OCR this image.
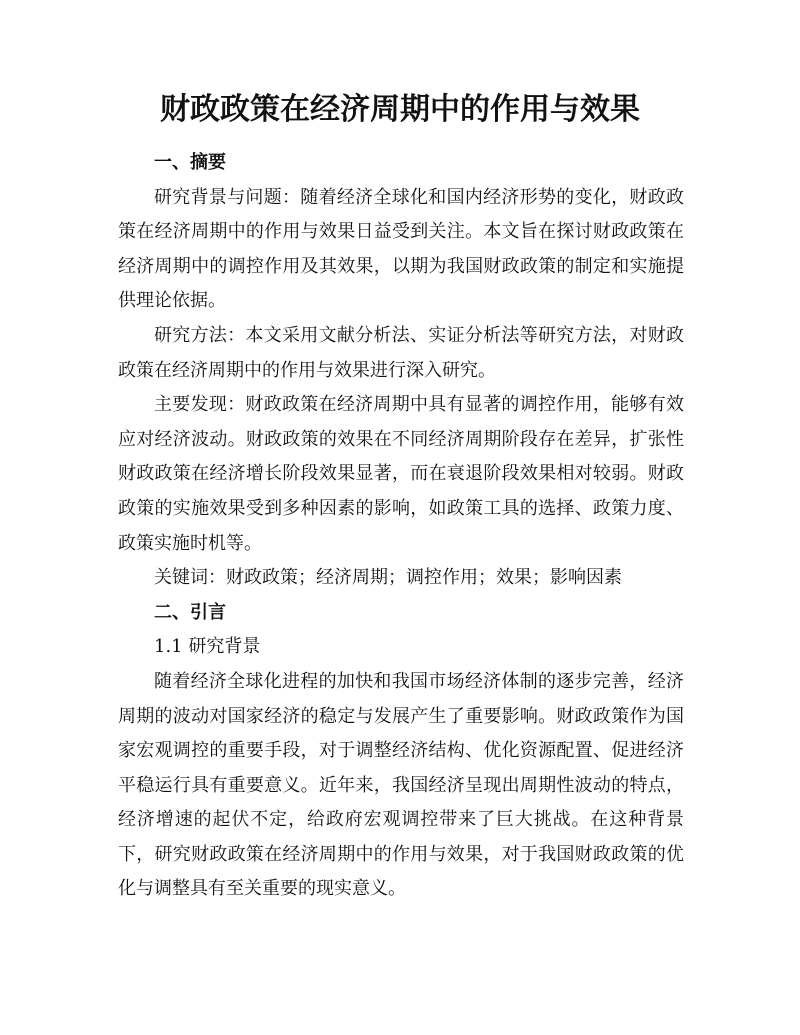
财政政策在经济周期中的作用与效果

一、摘要

研究背景与问题：随着经济全球化和国内经济形势的变化，财政政策在经济周期中的作用与效果日益受到关注。本文旨在探讨财政政策在经济周期中的调控作用及其效果，以期为我国财政政策的制定和实施提供理论依据。

研究方法：本文采用文献分析法、实证分析法等研究方法，对财政政策在经济周期中的作用与效果进行深入研究。

主要发现：财政政策在经济周期中具有显著的调控作用，能够有效应对经济波动。财政政策的效果在不同经济周期阶段存在差异，扩张性财政政策在经济增长阶段效果显著，而在衰退阶段效果相对较弱。财政政策的实施效果受到多种因素的影响，如政策工具的选择、政策力度、政策实施时机等。

关键词：财政政策；经济周期；调控作用；效果；影响因素

二、引言

1.1 研究背景

随着经济全球化进程的加快和我国市场经济体制的逐步完善，经济周期的波动对国家经济的稳定与发展产生了重要影响。财政政策作为国家宏观调控的重要手段，对于调整经济结构、优化资源配置、促进经济平稳运行具有重要意义。近年来，我国经济呈现出周期性波动的特点，经济增速的起伏不定，给政府宏观调控带来了巨大挑战。在这种背景下，研究财政政策在经济周期中的作用与效果，对于我国财政政策的优化与调整具有至关重要的现实意义。
